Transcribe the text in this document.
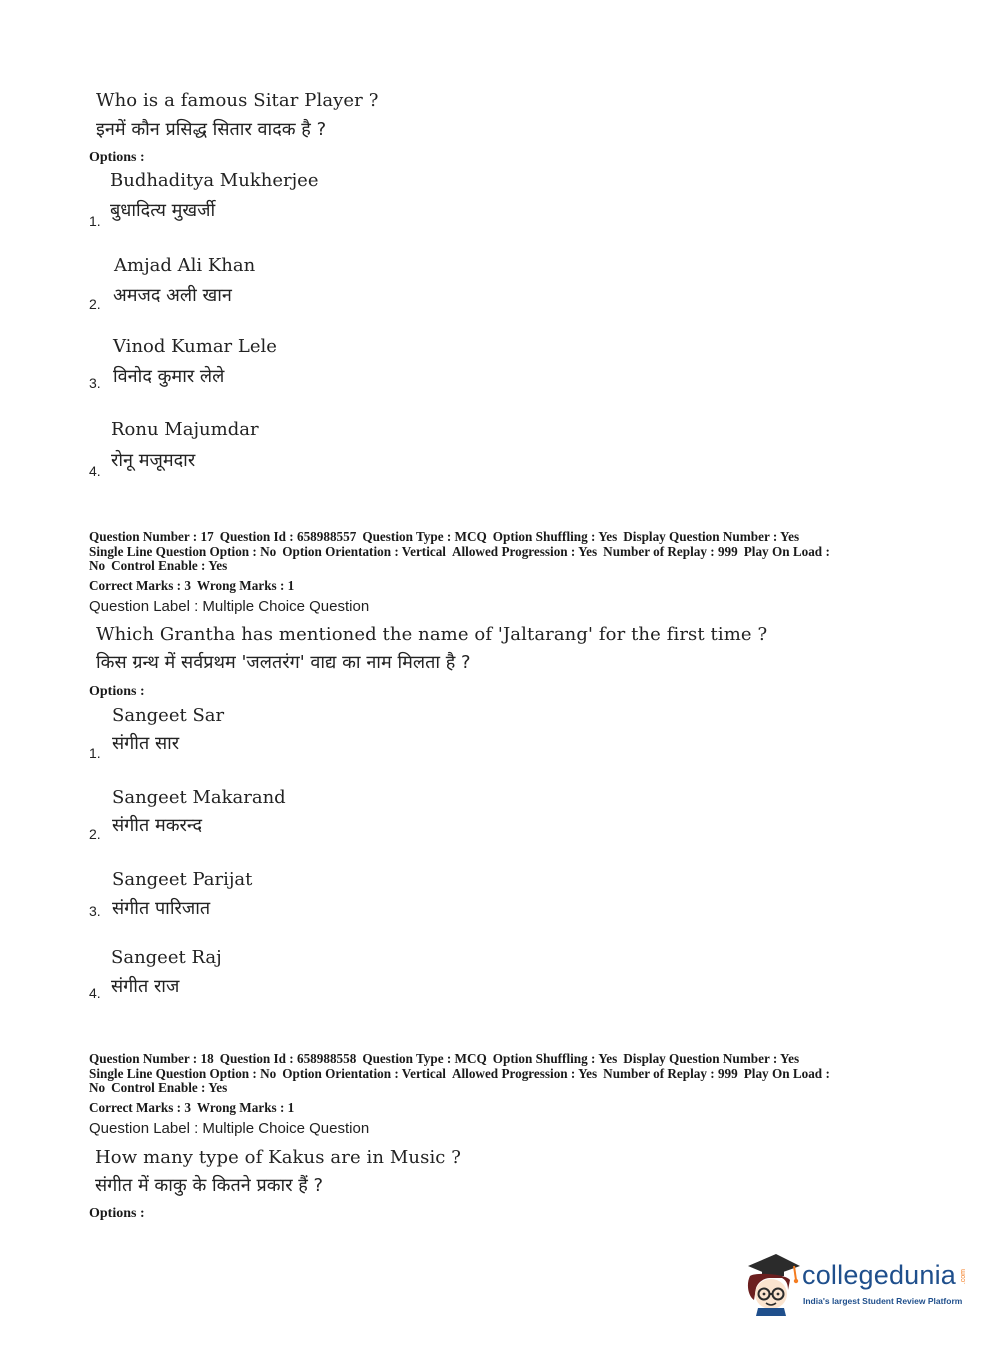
Who is a famous Sitar Player ?
इनमें कौन प्रसिद्ध सितार वादक है ?
Options :
Budhaditya Mukherjee
बुधादित्य मुखर्जी
1.
Amjad Ali Khan
अमजद अली खान
2.
Vinod Kumar Lele
विनोद कुमार लेले
3.
Ronu Majumdar
रोनू मजूमदार
4.
Question Number : 17 Question Id : 658988557 Question Type : MCQ Option Shuffling : Yes Display Question Number : Yes
Single Line Question Option : No Option Orientation : Vertical Allowed Progression : Yes Number of Replay : 999 Play On Load :
No Control Enable : Yes
Correct Marks : 3 Wrong Marks : 1
Question Label : Multiple Choice Question
Which Grantha has mentioned the name of 'Jaltarang' for the first time ?
किस ग्रन्थ में सर्वप्रथम 'जलतरंग' वाद्य का नाम मिलता है ?
Options :
Sangeet Sar
संगीत सार
1.
Sangeet Makarand
संगीत मकरन्द
2.
Sangeet Parijat
संगीत पारिजात
3.
Sangeet Raj
संगीत राज
4.
Question Number : 18 Question Id : 658988558 Question Type : MCQ Option Shuffling : Yes Display Question Number : Yes
Single Line Question Option : No Option Orientation : Vertical Allowed Progression : Yes Number of Replay : 999 Play On Load :
No Control Enable : Yes
Correct Marks : 3 Wrong Marks : 1
Question Label : Multiple Choice Question
How many type of Kakus are in Music ?
संगीत में काकु के कितने प्रकार हैं ?
Options :
collegedunia .com
India's largest Student Review Platform
